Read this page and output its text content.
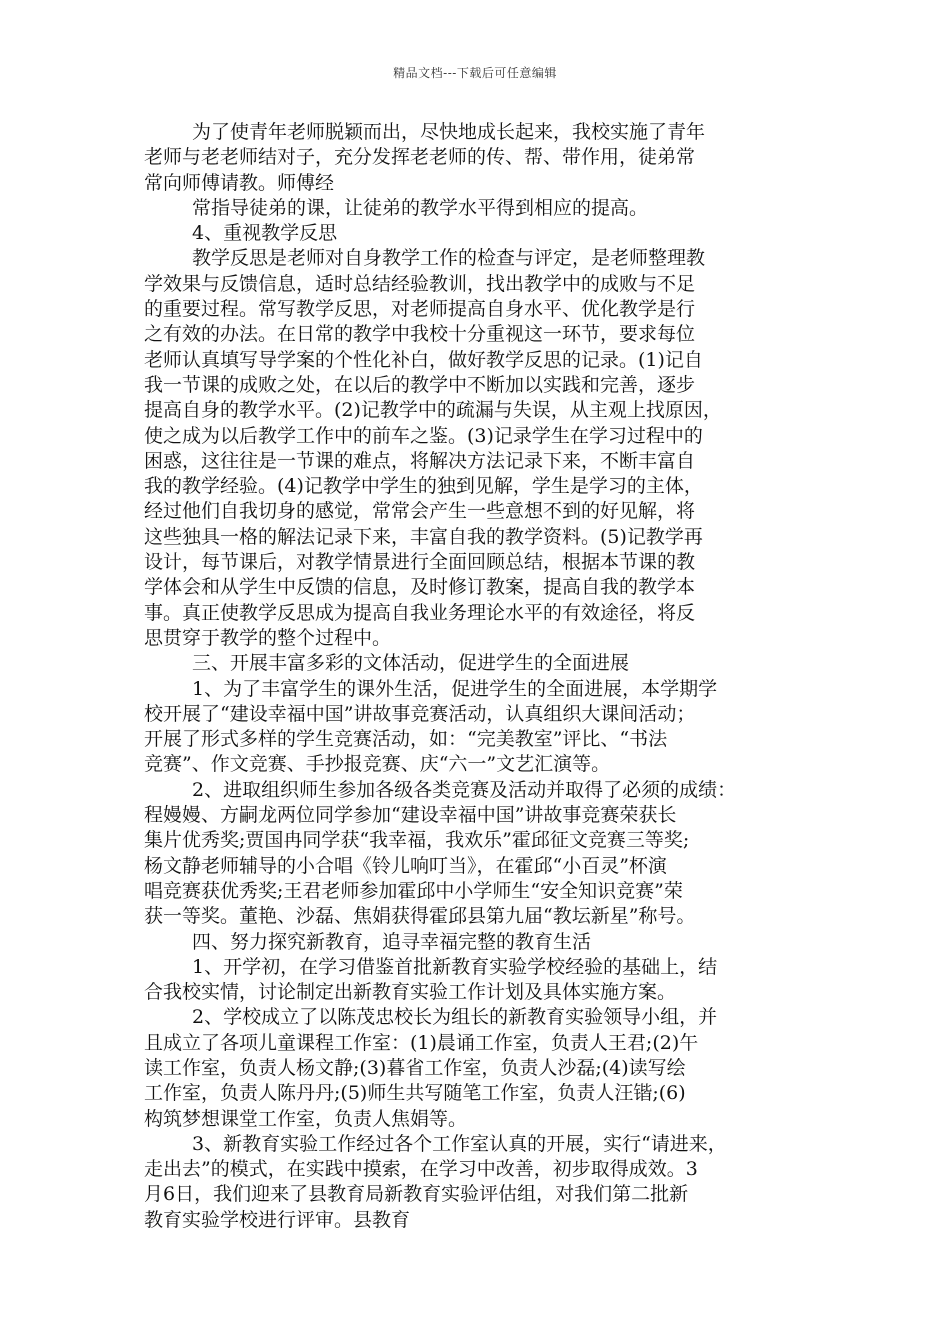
精品文档---下载后可任意编辑
为了使青年老师脱颖而出，尽快地成长起来，我校实施了青年
老师与老老师结对子，充分发挥老老师的传、帮、带作用，徒弟常
常向师傅请教。师傅经
常指导徒弟的课，让徒弟的教学水平得到相应的提高。
4、重视教学反思
教学反思是老师对自身教学工作的检查与评定，是老师整理教
学效果与反馈信息，适时总结经验教训，找出教学中的成败与不足
的重要过程。常写教学反思，对老师提高自身水平、优化教学是行
之有效的办法。在日常的教学中我校十分重视这一环节，要求每位
老师认真填写导学案的个性化补白，做好教学反思的记录。(1)记自
我一节课的成败之处，在以后的教学中不断加以实践和完善，逐步
提高自身的教学水平。(2)记教学中的疏漏与失误，从主观上找原因，
使之成为以后教学工作中的前车之鉴。(3)记录学生在学习过程中的
困惑，这往往是一节课的难点，将解决方法记录下来，不断丰富自
我的教学经验。(4)记教学中学生的独到见解，学生是学习的主体，
经过他们自我切身的感觉，常常会产生一些意想不到的好见解，将
这些独具一格的解法记录下来，丰富自我的教学资料。(5)记教学再
设计，每节课后，对教学情景进行全面回顾总结，根据本节课的教
学体会和从学生中反馈的信息，及时修订教案，提高自我的教学本
事。真正使教学反思成为提高自我业务理论水平的有效途径，将反
思贯穿于教学的整个过程中。
三、开展丰富多彩的文体活动，促进学生的全面进展
1、为了丰富学生的课外生活，促进学生的全面进展，本学期学
校开展了“建设幸福中国”讲故事竞赛活动，认真组织大课间活动；
开展了形式多样的学生竞赛活动，如：“完美教室”评比、“书法
竞赛”、作文竞赛、手抄报竞赛、庆“六一”文艺汇演等。
2、进取组织师生参加各级各类竞赛及活动并取得了必须的成绩：
程嫚嫚、方嗣龙两位同学参加“建设幸福中国”讲故事竞赛荣获长
集片优秀奖;贾国冉同学获“我幸福，我欢乐”霍邱征文竞赛三等奖;
杨文静老师辅导的小合唱《铃儿响叮当》，在霍邱“小百灵”杯演
唱竞赛获优秀奖;王君老师参加霍邱中小学师生“安全知识竞赛”荣
获一等奖。董艳、沙磊、焦娟获得霍邱县第九届“教坛新星”称号。
四、努力探究新教育，追寻幸福完整的教育生活
1、开学初，在学习借鉴首批新教育实验学校经验的基础上，结
合我校实情，讨论制定出新教育实验工作计划及具体实施方案。
2、学校成立了以陈茂忠校长为组长的新教育实验领导小组，并
且成立了各项儿童课程工作室：(1)晨诵工作室，负责人王君;(2)午
读工作室，负责人杨文静;(3)暮省工作室，负责人沙磊;(4)读写绘
工作室，负责人陈丹丹;(5)师生共写随笔工作室，负责人汪锴;(6)
构筑梦想课堂工作室，负责人焦娟等。
3、新教育实验工作经过各个工作室认真的开展，实行“请进来，
走出去”的模式，在实践中摸索，在学习中改善，初步取得成效。3
月6日，我们迎来了县教育局新教育实验评估组，对我们第二批新
教育实验学校进行评审。县教育
